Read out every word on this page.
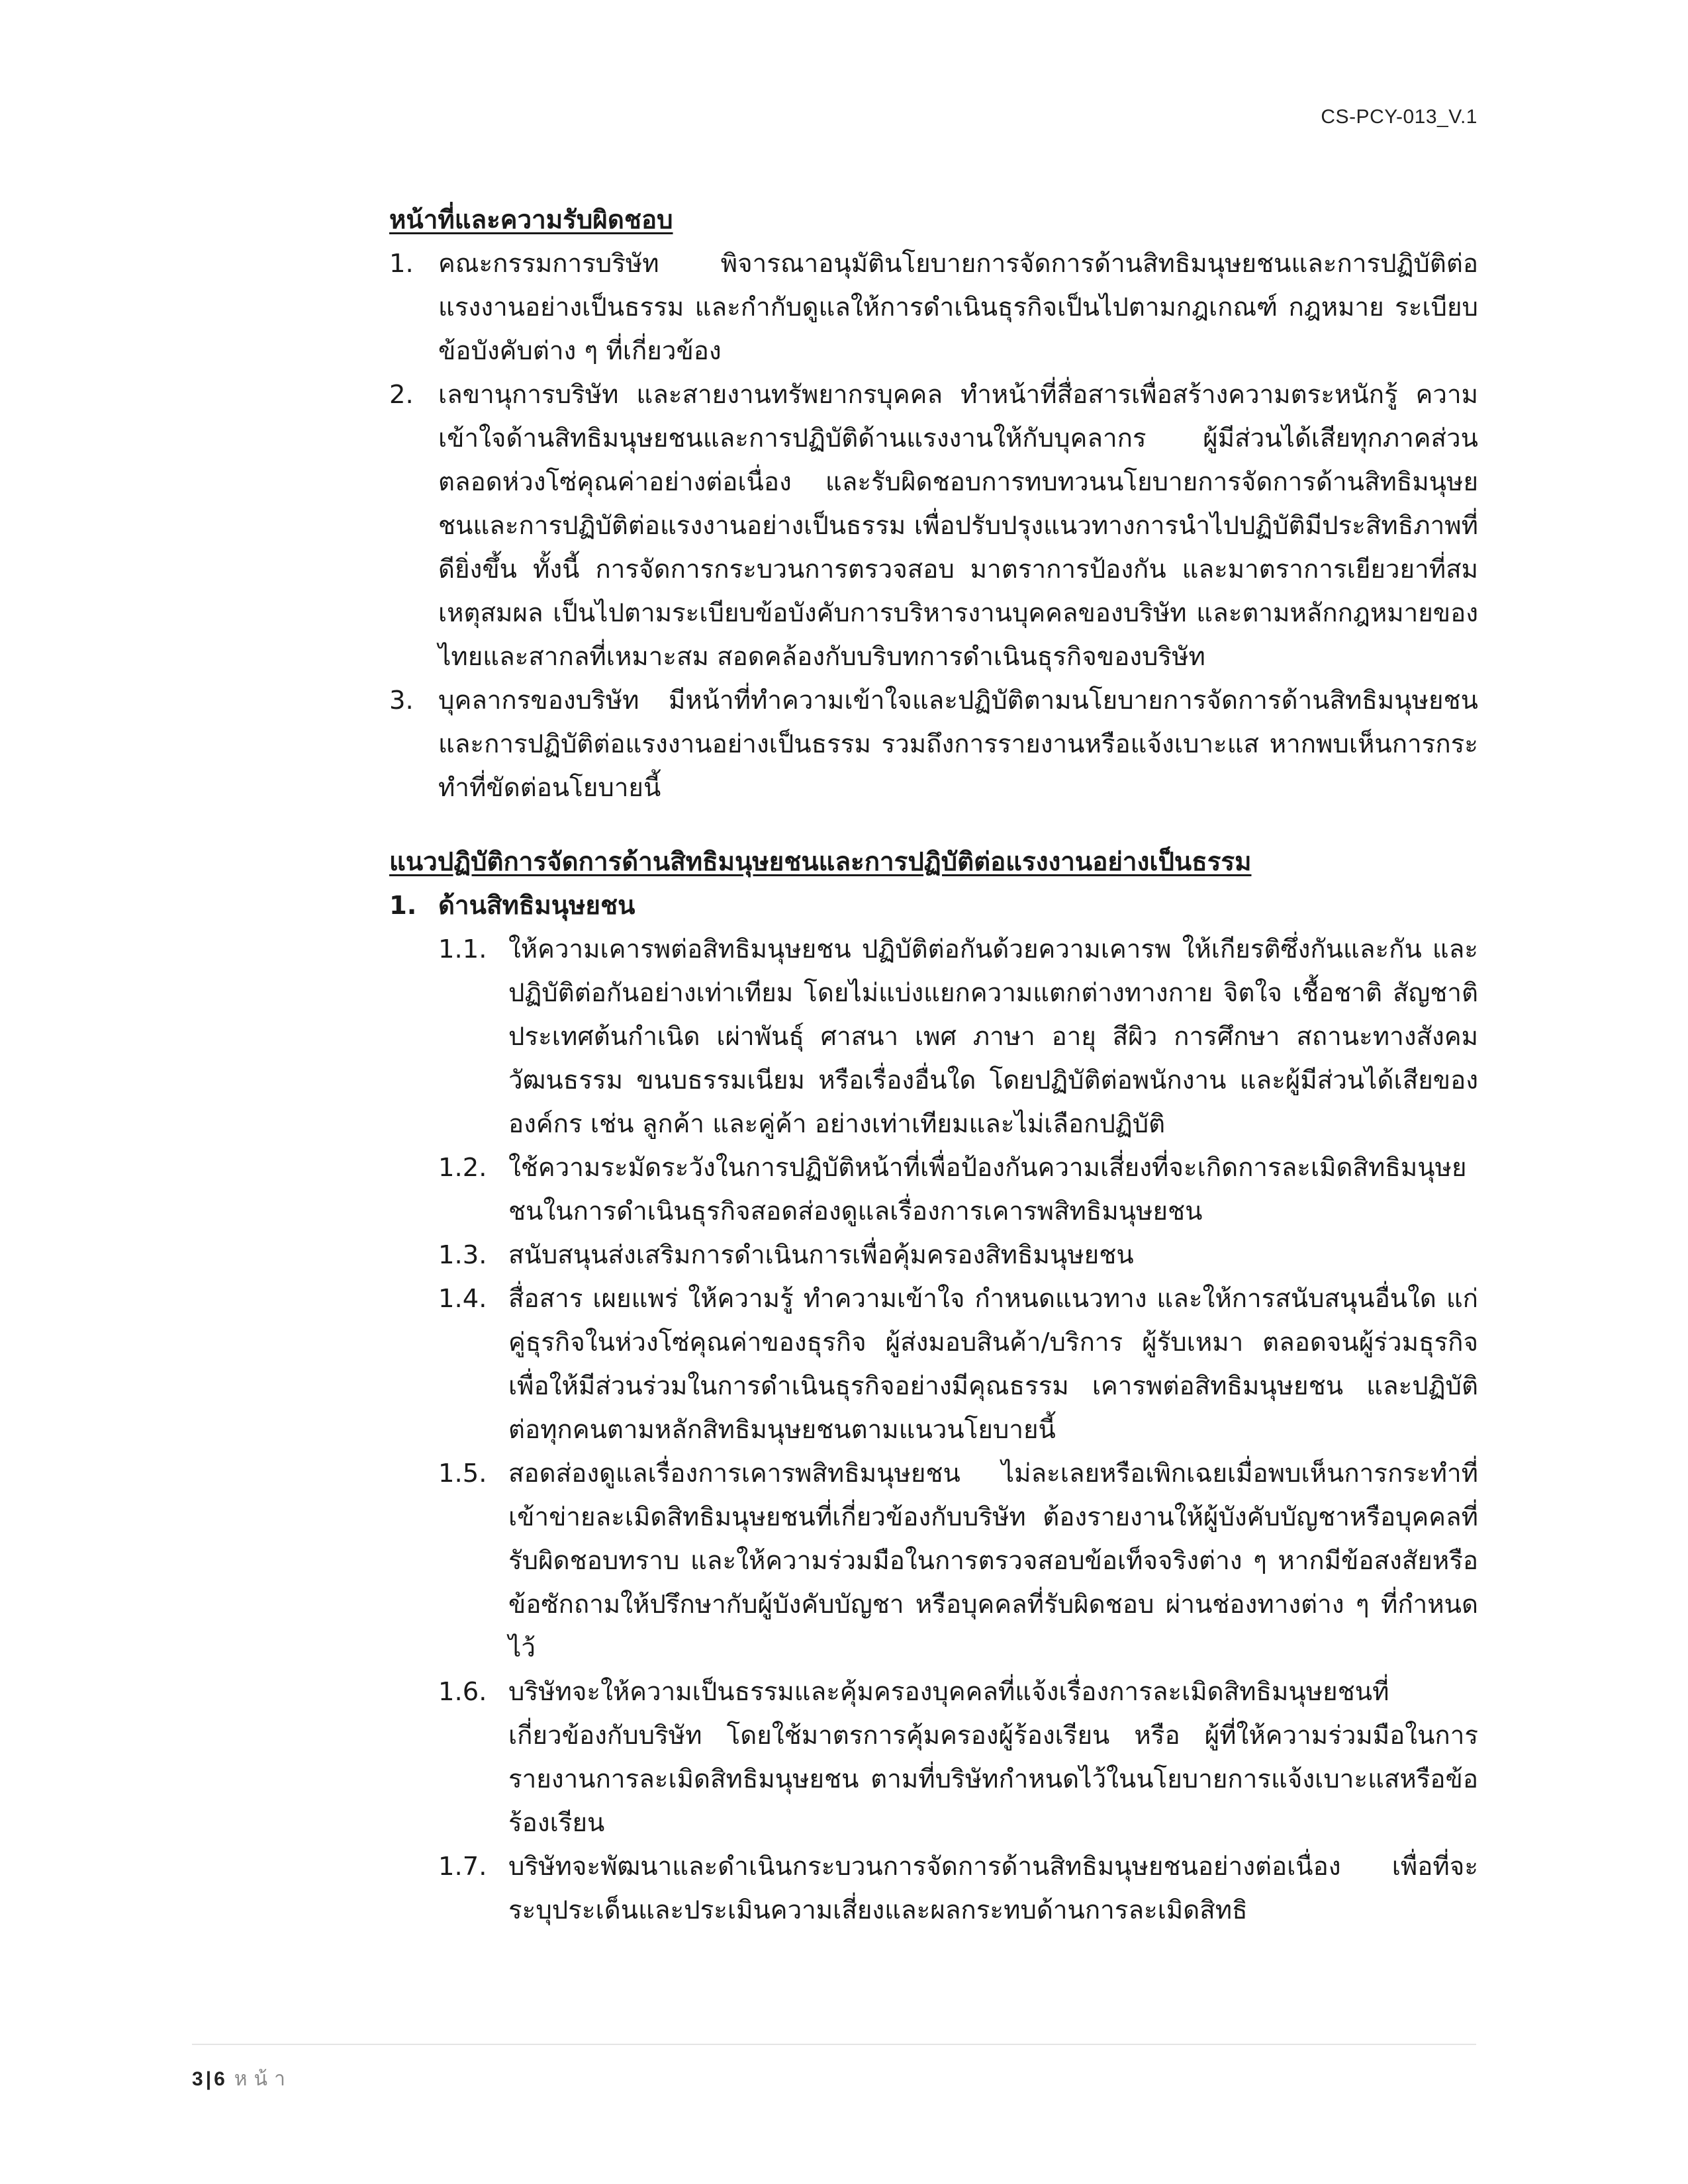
CS-PCY-013_V.1

หน้าที่และความรับผิดชอบ

1. คณะกรรมการบริษัท พิจารณาอนุมัตินโยบายการจัดการด้านสิทธิมนุษยชนและการปฏิบัติต่อแรงงานอย่างเป็นธรรม และกำกับดูแลให้การดำเนินธุรกิจเป็นไปตามกฎเกณฑ์ กฎหมาย ระเบียบข้อบังคับต่าง ๆ ที่เกี่ยวข้อง
2. เลขานุการบริษัท และสายงานทรัพยากรบุคคล ทำหน้าที่สื่อสารเพื่อสร้างความตระหนักรู้ ความเข้าใจด้านสิทธิมนุษยชนและการปฏิบัติด้านแรงงานให้กับบุคลากร ผู้มีส่วนได้เสียทุกภาคส่วนตลอดห่วงโซ่คุณค่าอย่างต่อเนื่อง และรับผิดชอบการทบทวนนโยบายการจัดการด้านสิทธิมนุษยชนและการปฏิบัติต่อแรงงานอย่างเป็นธรรม เพื่อปรับปรุงแนวทางการนำไปปฏิบัติมีประสิทธิภาพที่ดียิ่งขึ้น ทั้งนี้ การจัดการกระบวนการตรวจสอบ มาตราการป้องกัน และมาตราการเยียวยาที่สมเหตุสมผล เป็นไปตามระเบียบข้อบังคับการบริหารงานบุคคลของบริษัท และตามหลักกฎหมายของไทยและสากลที่เหมาะสม สอดคล้องกับบริบทการดำเนินธุรกิจของบริษัท
3. บุคลากรของบริษัท มีหน้าที่ทำความเข้าใจและปฏิบัติตามนโยบายการจัดการด้านสิทธิมนุษยชนและการปฏิบัติต่อแรงงานอย่างเป็นธรรม รวมถึงการรายงานหรือแจ้งเบาะแส หากพบเห็นการกระทำที่ขัดต่อนโยบายนี้

แนวปฏิบัติการจัดการด้านสิทธิมนุษยชนและการปฏิบัติต่อแรงงานอย่างเป็นธรรม

1. ด้านสิทธิมนุษยชน
1.1. ให้ความเคารพต่อสิทธิมนุษยชน ปฏิบัติต่อกันด้วยความเคารพ ให้เกียรติซึ่งกันและกัน และปฏิบัติต่อกันอย่างเท่าเทียม โดยไม่แบ่งแยกความแตกต่างทางกาย จิตใจ เชื้อชาติ สัญชาติ ประเทศต้นกำเนิด เผ่าพันธุ์ ศาสนา เพศ ภาษา อายุ สีผิว การศึกษา สถานะทางสังคม วัฒนธรรม ขนบธรรมเนียม หรือเรื่องอื่นใด โดยปฏิบัติต่อพนักงาน และผู้มีส่วนได้เสียขององค์กร เช่น ลูกค้า และคู่ค้า อย่างเท่าเทียมและไม่เลือกปฏิบัติ
1.2. ใช้ความระมัดระวังในการปฏิบัติหน้าที่เพื่อป้องกันความเสี่ยงที่จะเกิดการละเมิดสิทธิมนุษยชนในการดำเนินธุรกิจสอดส่องดูแลเรื่องการเคารพสิทธิมนุษยชน
1.3. สนับสนุนส่งเสริมการดำเนินการเพื่อคุ้มครองสิทธิมนุษยชน
1.4. สื่อสาร เผยแพร่ ให้ความรู้ ทำความเข้าใจ กำหนดแนวทาง และให้การสนับสนุนอื่นใด แก่คู่ธุรกิจในห่วงโซ่คุณค่าของธุรกิจ ผู้ส่งมอบสินค้า/บริการ ผู้รับเหมา ตลอดจนผู้ร่วมธุรกิจ เพื่อให้มีส่วนร่วมในการดำเนินธุรกิจอย่างมีคุณธรรม เคารพต่อสิทธิมนุษยชน และปฏิบัติต่อทุกคนตามหลักสิทธิมนุษยชนตามแนวนโยบายนี้
1.5. สอดส่องดูแลเรื่องการเคารพสิทธิมนุษยชน ไม่ละเลยหรือเพิกเฉยเมื่อพบเห็นการกระทำที่เข้าข่ายละเมิดสิทธิมนุษยชนที่เกี่ยวข้องกับบริษัท ต้องรายงานให้ผู้บังคับบัญชาหรือบุคคลที่รับผิดชอบทราบ และให้ความร่วมมือในการตรวจสอบข้อเท็จจริงต่าง ๆ หากมีข้อสงสัยหรือข้อซักถามให้ปรึกษากับผู้บังคับบัญชา หรือบุคคลที่รับผิดชอบ ผ่านช่องทางต่าง ๆ ที่กำหนดไว้
1.6. บริษัทจะให้ความเป็นธรรมและคุ้มครองบุคคลที่แจ้งเรื่องการละเมิดสิทธิมนุษยชนที่เกี่ยวข้องกับบริษัท โดยใช้มาตรการคุ้มครองผู้ร้องเรียน หรือ ผู้ที่ให้ความร่วมมือในการรายงานการละเมิดสิทธิมนุษยชน ตามที่บริษัทกำหนดไว้ในนโยบายการแจ้งเบาะแสหรือข้อร้องเรียน
1.7. บริษัทจะพัฒนาและดำเนินกระบวนการจัดการด้านสิทธิมนุษยชนอย่างต่อเนื่อง เพื่อที่จะระบุประเด็นและประเมินความเสี่ยงและผลกระทบด้านการละเมิดสิทธิ
3 | 6 หน้า
